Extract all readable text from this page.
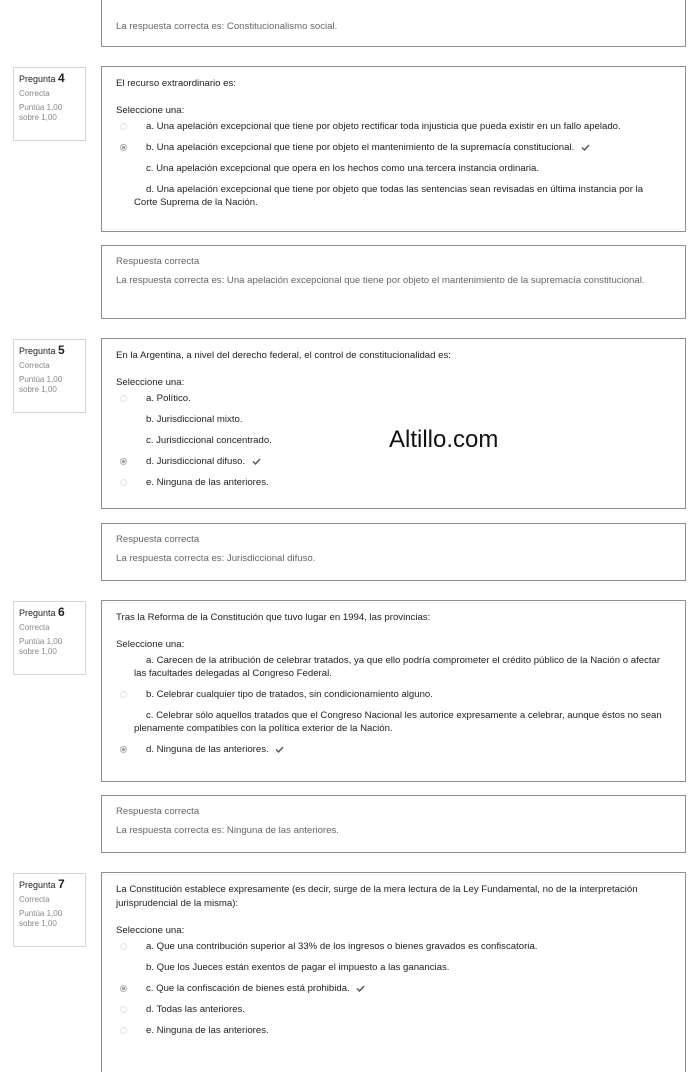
La respuesta correcta es: Constitucionalismo social.
Pregunta 4
Correcta
Puntúa 1,00
sobre 1,00
El recurso extraordinario es:
Seleccione una:
a. Una apelación excepcional que tiene por objeto rectificar toda injusticia que pueda existir en un fallo apelado.
b. Una apelación excepcional que tiene por objeto el mantenimiento de la supremacía constitucional.
c. Una apelación excepcional que opera en los hechos como una tercera instancia ordinaria.
d. Una apelación excepcional que tiene por objeto que todas las sentencias sean revisadas en última instancia por la Corte Suprema de la Nación.
Respuesta correcta
La respuesta correcta es: Una apelación excepcional que tiene por objeto el mantenimiento de la supremacía constitucional.
Pregunta 5
Correcta
Puntúa 1,00
sobre 1,00
En la Argentina, a nivel del derecho federal, el control de constitucionalidad es:
Seleccione una:
a. Político.
b. Jurisdiccional mixto.
c. Jurisdiccional concentrado.
d. Jurisdiccional difuso.
e. Ninguna de las anteriores.
Respuesta correcta
La respuesta correcta es: Jurisdiccional difuso.
Altillo.com
Pregunta 6
Correcta
Puntúa 1,00
sobre 1,00
Tras la Reforma de la Constitución que tuvo lugar en 1994, las provincias:
Seleccione una:
a. Carecen de la atribución de celebrar tratados, ya que ello podría comprometer el crédito público de la Nación o afectar las facultades delegadas al Congreso Federal.
b. Celebrar cualquier tipo de tratados, sin condicionamiento alguno.
c. Celebrar sólo aquellos tratados que el Congreso Nacional les autorice expresamente a celebrar, aunque éstos no sean plenamente compatibles con la política exterior de la Nación.
d. Ninguna de las anteriores.
Respuesta correcta
La respuesta correcta es: Ninguna de las anteriores.
Pregunta 7
Correcta
Puntúa 1,00
sobre 1,00
La Constitución establece expresamente (es decir, surge de la mera lectura de la Ley Fundamental, no de la interpretación jurisprudencial de la misma):
Seleccione una:
a. Que una contribución superior al 33% de los ingresos o bienes gravados es confiscatoria.
b. Que los Jueces están exentos de pagar el impuesto a las ganancias.
c. Que la confiscación de bienes está prohibida.
d. Todas las anteriores.
e. Ninguna de las anteriores.
